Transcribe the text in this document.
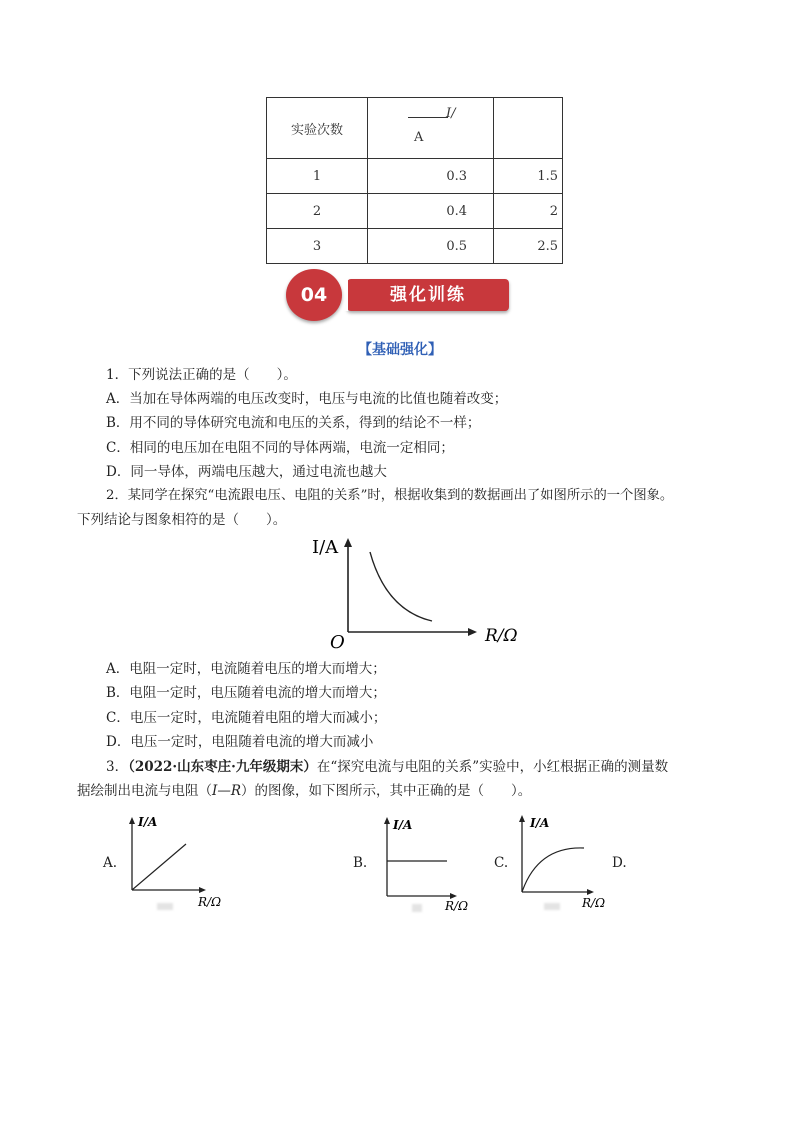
实验次数	I/
A	

1	0.3	1.5
2	0.4	2
3	0.5	2.5
04	强化训练
【基础强化】
1．下列说法正确的是（　　）。
A．当加在导体两端的电压改变时，电压与电流的比值也随着改变；
B．用不同的导体研究电流和电压的关系，得到的结论不一样；
C．相同的电压加在电阻不同的导体两端，电流一定相同；
D．同一导体，两端电压越大，通过电流也越大
2．某同学在探究“电流跟电压、电阻的关系”时，根据收集到的数据画出了如图所示的一个图象。
下列结论与图象相符的是（　　）。
I/A
R/Ω
O
A．电阻一定时，电流随着电压的增大而增大；
B．电阻一定时，电压随着电流的增大而增大；
C．电压一定时，电流随着电阻的增大而减小；
D．电压一定时，电阻随着电流的增大而减小
3．（2022·山东枣庄·九年级期末）在“探究电流与电阻的关系”实验中，小红根据正确的测量数
据绘制出电流与电阻（I—R）的图像，如下图所示，其中正确的是（　　）。
A.
I/A
R/Ω
B.
I/A
R/Ω
C.
I/A
R/Ω
D.
